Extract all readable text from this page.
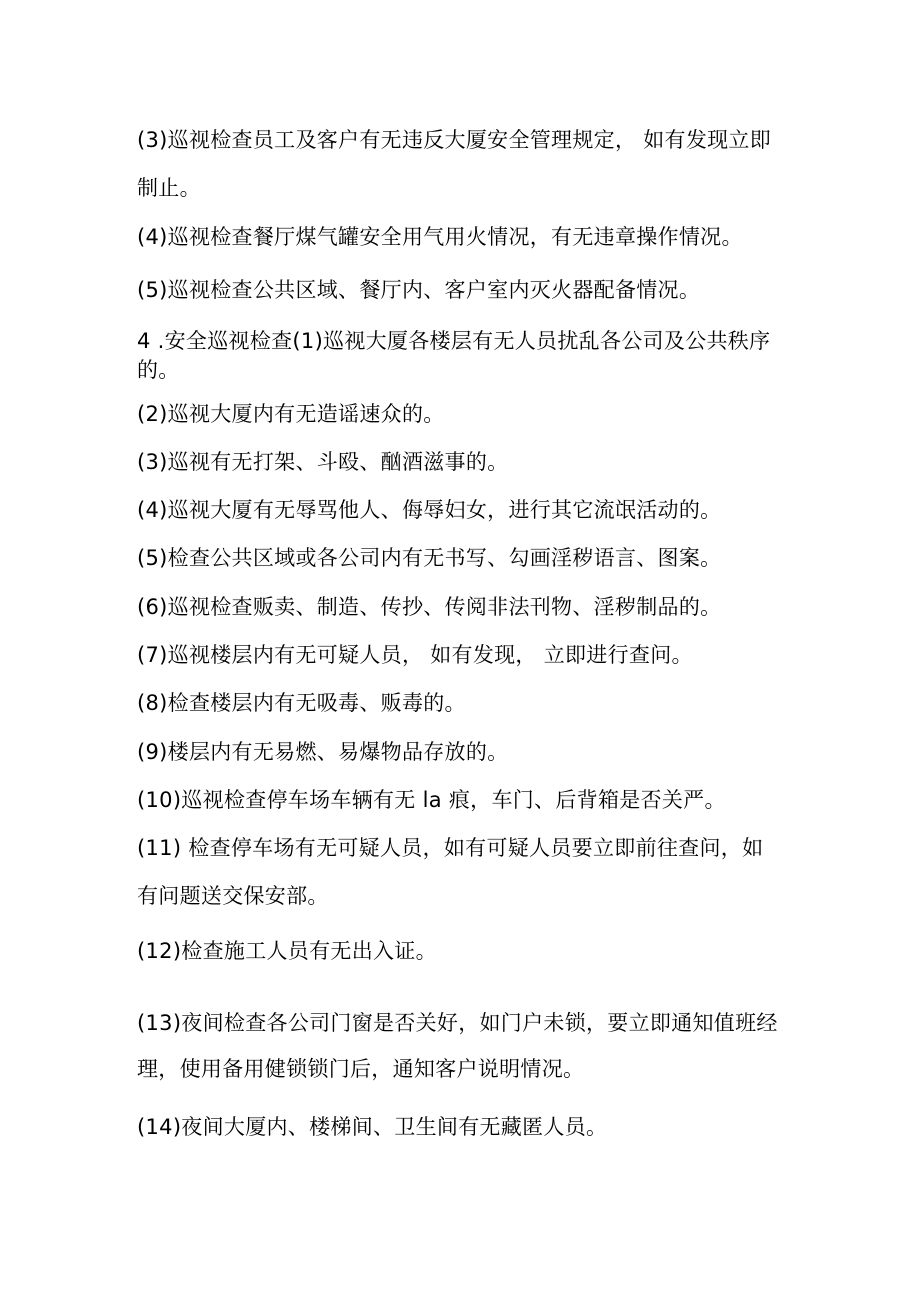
(3)巡视检查员工及客户有无违反大厦安全管理规定， 如有发现立即
制止。
(4)巡视检查餐厅煤气罐安全用气用火情况，有无违章操作情况。
(5)巡视检查公共区域、餐厅内、客户室内灭火器配备情况。
4 .安全巡视检查(1)巡视大厦各楼层有无人员扰乱各公司及公共秩序
的。
(2)巡视大厦内有无造谣速众的。
(3)巡视有无打架、斗殴、酗酒滋事的。
(4)巡视大厦有无辱骂他人、侮辱妇女，进行其它流氓活动的。
(5)检查公共区域或各公司内有无书写、勾画淫秽语言、图案。
(6)巡视检查贩卖、制造、传抄、传阅非法刊物、淫秽制品的。
(7)巡视楼层内有无可疑人员， 如有发现， 立即进行查问。
(8)检查楼层内有无吸毒、贩毒的。
(9)楼层内有无易燃、易爆物品存放的。
(10)巡视检查停车场车辆有无 la 痕，车门、后背箱是否关严。
(11) 检查停车场有无可疑人员，如有可疑人员要立即前往查问，如
有问题送交保安部。
(12)检查施工人员有无出入证。
(13)夜间检查各公司门窗是否关好，如门户未锁，要立即通知值班经
理，使用备用健锁锁门后，通知客户说明情况。
(14)夜间大厦内、楼梯间、卫生间有无藏匿人员。
